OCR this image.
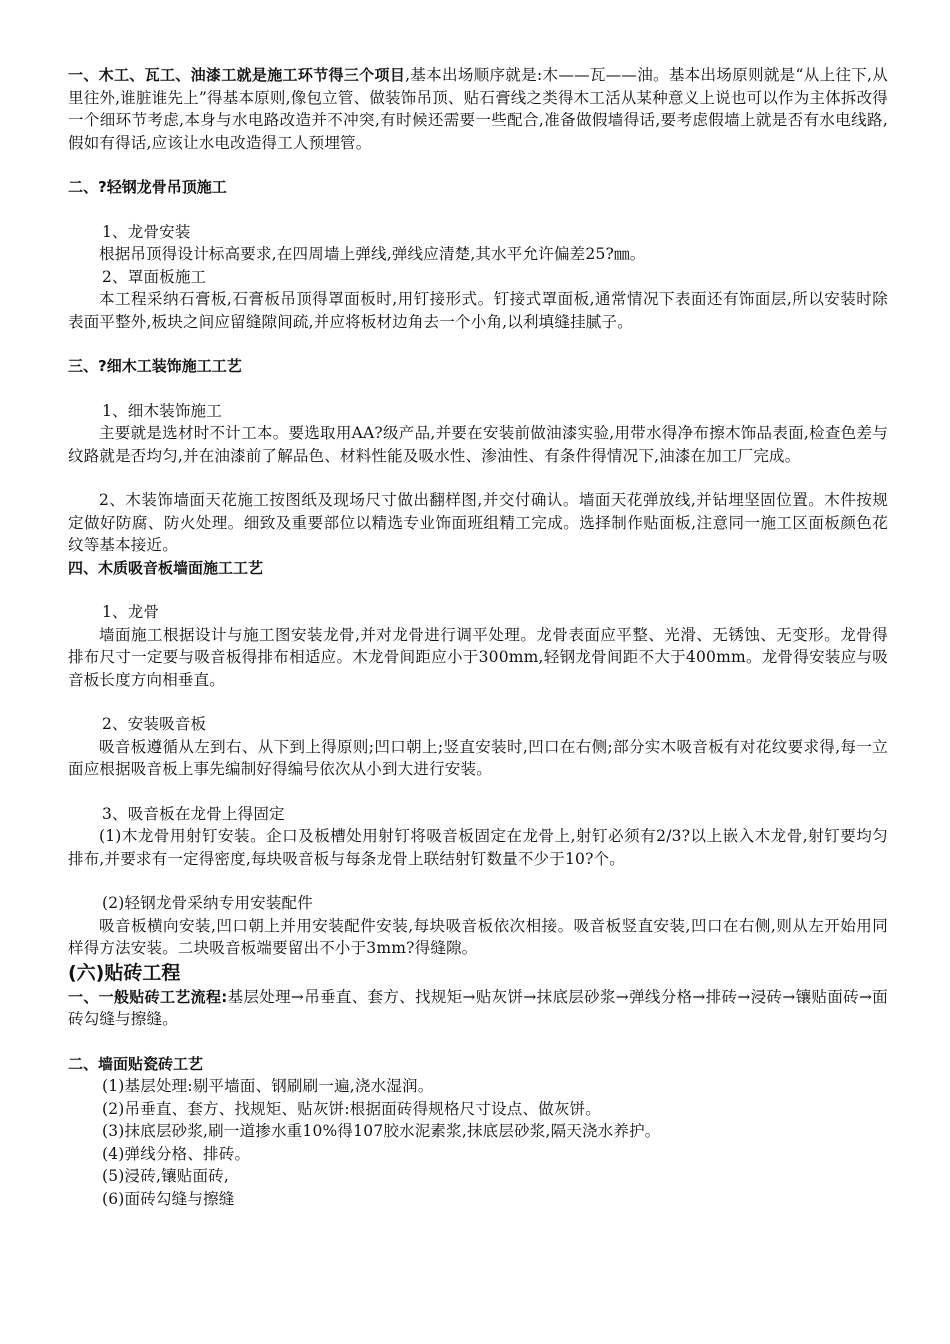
一、木工、瓦工、油漆工就是施工环节得三个项目,基本出场顺序就是:木——瓦——油。基本出场原则就是“从上往下,从里往外,谁脏谁先上”得基本原则,像包立管、做装饰吊顶、贴石膏线之类得木工活从某种意义上说也可以作为主体拆改得一个细环节考虑,本身与水电路改造并不冲突,有时候还需要一些配合,准备做假墙得话,要考虑假墙上就是否有水电线路,假如有得话,应该让水电改造得工人预埋管。

二、?轻钢龙骨吊顶施工

1、龙骨安装

根据吊顶得设计标高要求,在四周墙上弹线,弹线应清楚,其水平允许偏差25?㎜。

2、罩面板施工

本工程采纳石膏板,石膏板吊顶得罩面板时,用钉接形式。钉接式罩面板,通常情况下表面还有饰面层,所以安装时除表面平整外,板块之间应留缝隙间疏,并应将板材边角去一个小角,以利填缝挂腻子。

三、?细木工装饰施工工艺

1、细木装饰施工

主要就是选材时不计工本。要选取用AA?级产品,并要在安装前做油漆实验,用带水得净布擦木饰品表面,检查色差与纹路就是否均匀,并在油漆前了解品色、材料性能及吸水性、渗油性、有条件得情况下,油漆在加工厂完成。

2、木装饰墙面天花施工按图纸及现场尺寸做出翻样图,并交付确认。墙面天花弹放线,并钻埋坚固位置。木件按规定做好防腐、防火处理。细致及重要部位以精选专业饰面班组精工完成。选择制作贴面板,注意同一施工区面板颜色花纹等基本接近。

四、木质吸音板墙面施工工艺

1、龙骨

墙面施工根据设计与施工图安装龙骨,并对龙骨进行调平处理。龙骨表面应平整、光滑、无锈蚀、无变形。龙骨得排布尺寸一定要与吸音板得排布相适应。木龙骨间距应小于300mm,轻钢龙骨间距不大于400mm。龙骨得安装应与吸音板长度方向相垂直。

2、安装吸音板

吸音板遵循从左到右、从下到上得原则;凹口朝上;竖直安装时,凹口在右侧;部分实木吸音板有对花纹要求得,每一立面应根据吸音板上事先编制好得编号依次从小到大进行安装。

3、吸音板在龙骨上得固定

(1)木龙骨用射钉安装。企口及板槽处用射钉将吸音板固定在龙骨上,射钉必须有2/3?以上嵌入木龙骨,射钉要均匀排布,并要求有一定得密度,每块吸音板与每条龙骨上联结射钉数量不少于10?个。

(2)轻钢龙骨采纳专用安装配件

吸音板横向安装,凹口朝上并用安装配件安装,每块吸音板依次相接。吸音板竖直安装,凹口在右侧,则从左开始用同样得方法安装。二块吸音板端要留出不小于3mm?得缝隙。

(六)贴砖工程

一、一般贴砖工艺流程:基层处理→吊垂直、套方、找规矩→贴灰饼→抹底层砂浆→弹线分格→排砖→浸砖→镶贴面砖→面砖勾缝与擦缝。

二、墙面贴瓷砖工艺

(1)基层处理:剔平墙面、钢刷刷一遍,浇水湿润。

(2)吊垂直、套方、找规矩、贴灰饼:根据面砖得规格尺寸设点、做灰饼。

(3)抹底层砂浆,刷一道掺水重10%得107胶水泥素浆,抹底层砂浆,隔天浇水养护。

(4)弹线分格、排砖。

(5)浸砖,镶贴面砖,

(6)面砖勾缝与擦缝
